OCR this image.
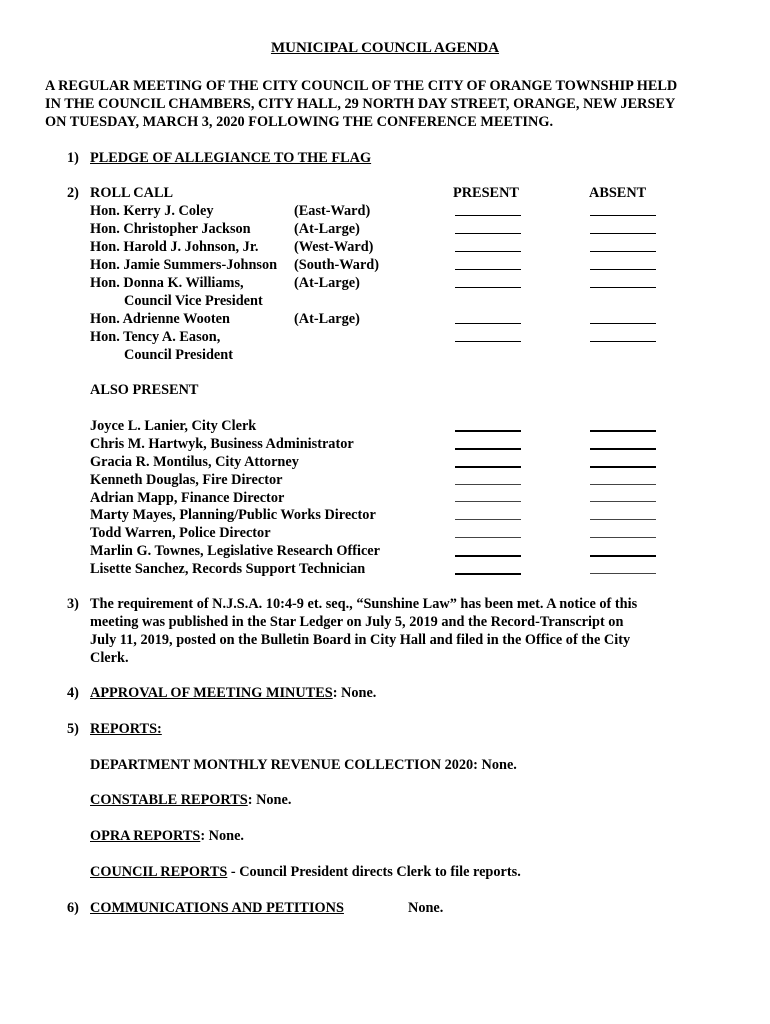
MUNICIPAL COUNCIL AGENDA
A REGULAR MEETING OF THE CITY COUNCIL OF THE CITY OF ORANGE TOWNSHIP HELD
IN THE COUNCIL CHAMBERS, CITY HALL, 29 NORTH DAY STREET, ORANGE, NEW JERSEY
ON TUESDAY, MARCH 3, 2020 FOLLOWING THE CONFERENCE MEETING.
1) PLEDGE OF ALLEGIANCE TO THE FLAG
2) ROLL CALL	PRESENT	ABSENT
Hon. Kerry J. Coley	(East-Ward)
Hon. Christopher Jackson	(At-Large)
Hon. Harold J. Johnson, Jr. (West-Ward)
Hon. Jamie Summers-Johnson (South-Ward)
Hon. Donna K. Williams,	(At-Large)
Council Vice President
Hon. Adrienne Wooten	(At-Large)
Hon. Tency A. Eason,
Council President
ALSO PRESENT
Joyce L. Lanier, City Clerk
Chris M. Hartwyk, Business Administrator
Gracia R. Montilus, City Attorney
Kenneth Douglas, Fire Director
Adrian Mapp, Finance Director
Marty Mayes, Planning/Public Works Director
Todd Warren, Police Director
Marlin G. Townes, Legislative Research Officer
Lisette Sanchez, Records Support Technician
3) The requirement of N.J.S.A. 10:4-9 et. seq., “Sunshine Law” has been met. A notice of this
meeting was published in the Star Ledger on July 5, 2019 and the Record-Transcript on
July 11, 2019, posted on the Bulletin Board in City Hall and filed in the Office of the City
Clerk.
4) APPROVAL OF MEETING MINUTES: None.
5) REPORTS:
DEPARTMENT MONTHLY REVENUE COLLECTION 2020: None.
CONSTABLE REPORTS: None.
OPRA REPORTS: None.
COUNCIL REPORTS - Council President directs Clerk to file reports.
6) COMMUNICATIONS AND PETITIONS	None.
